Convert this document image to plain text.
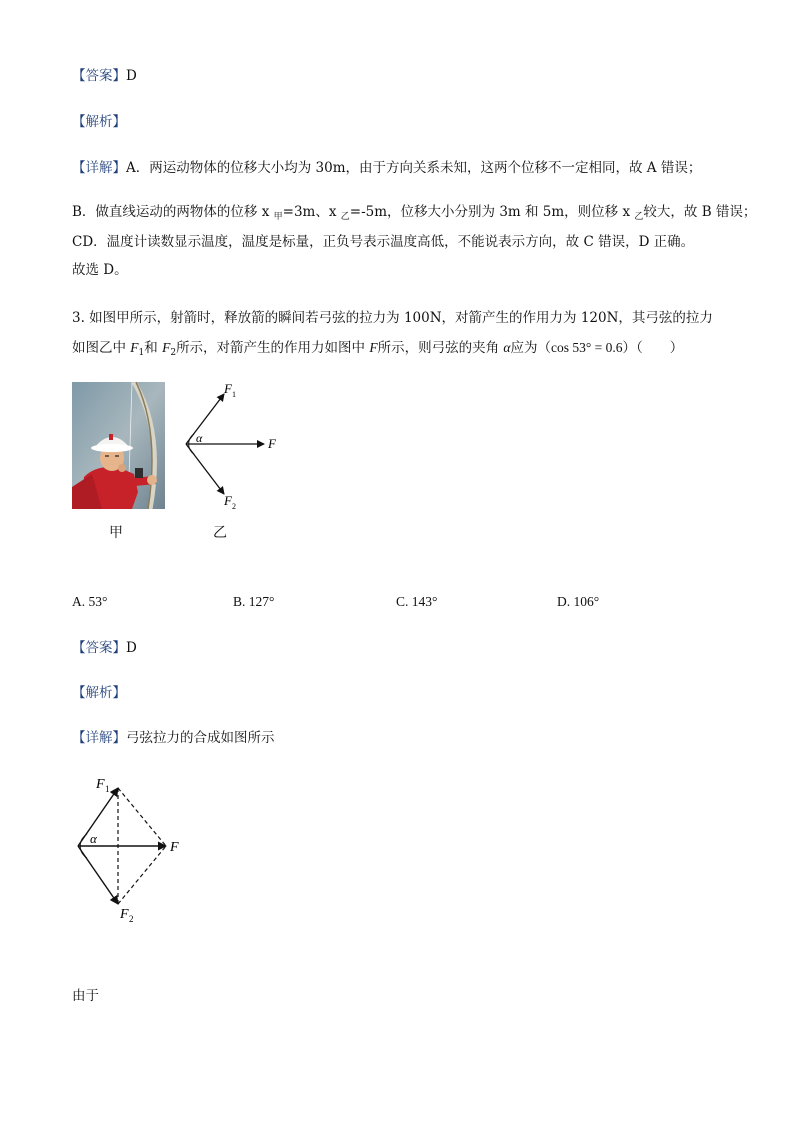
【答案】D
【解析】
【详解】A．两运动物体的位移大小均为 30m，由于方向关系未知，这两个位移不一定相同，故 A 错误；
B．做直线运动的两物体的位移 x $_甲$=3m、x $_乙$=-5m，位移大小分别为 3m 和 5m，则位移 x $_乙$较大，故 B 错误；
CD．温度计读数显示温度，温度是标量，正负号表示温度高低，不能说表示方向，故 C 错误，D 正确。
故选 D。
3. 如图甲所示，射箭时，释放箭的瞬间若弓弦的拉力为 100N，对箭产生的作用力为 120N，其弓弦的拉力
如图乙中 $F_1$和 $F_2$所示，对箭产生的作用力如图中 F所示，则弓弦的夹角 α应为（cos 53° = 0.6）（　　）
甲	乙
α
F 1
F 2
F
A. 53°	B. 127°	C. 143°	D. 106°
【答案】D
【解析】
【详解】弓弦拉力的合成如图所示
α
F 1
F 2
F
由于
